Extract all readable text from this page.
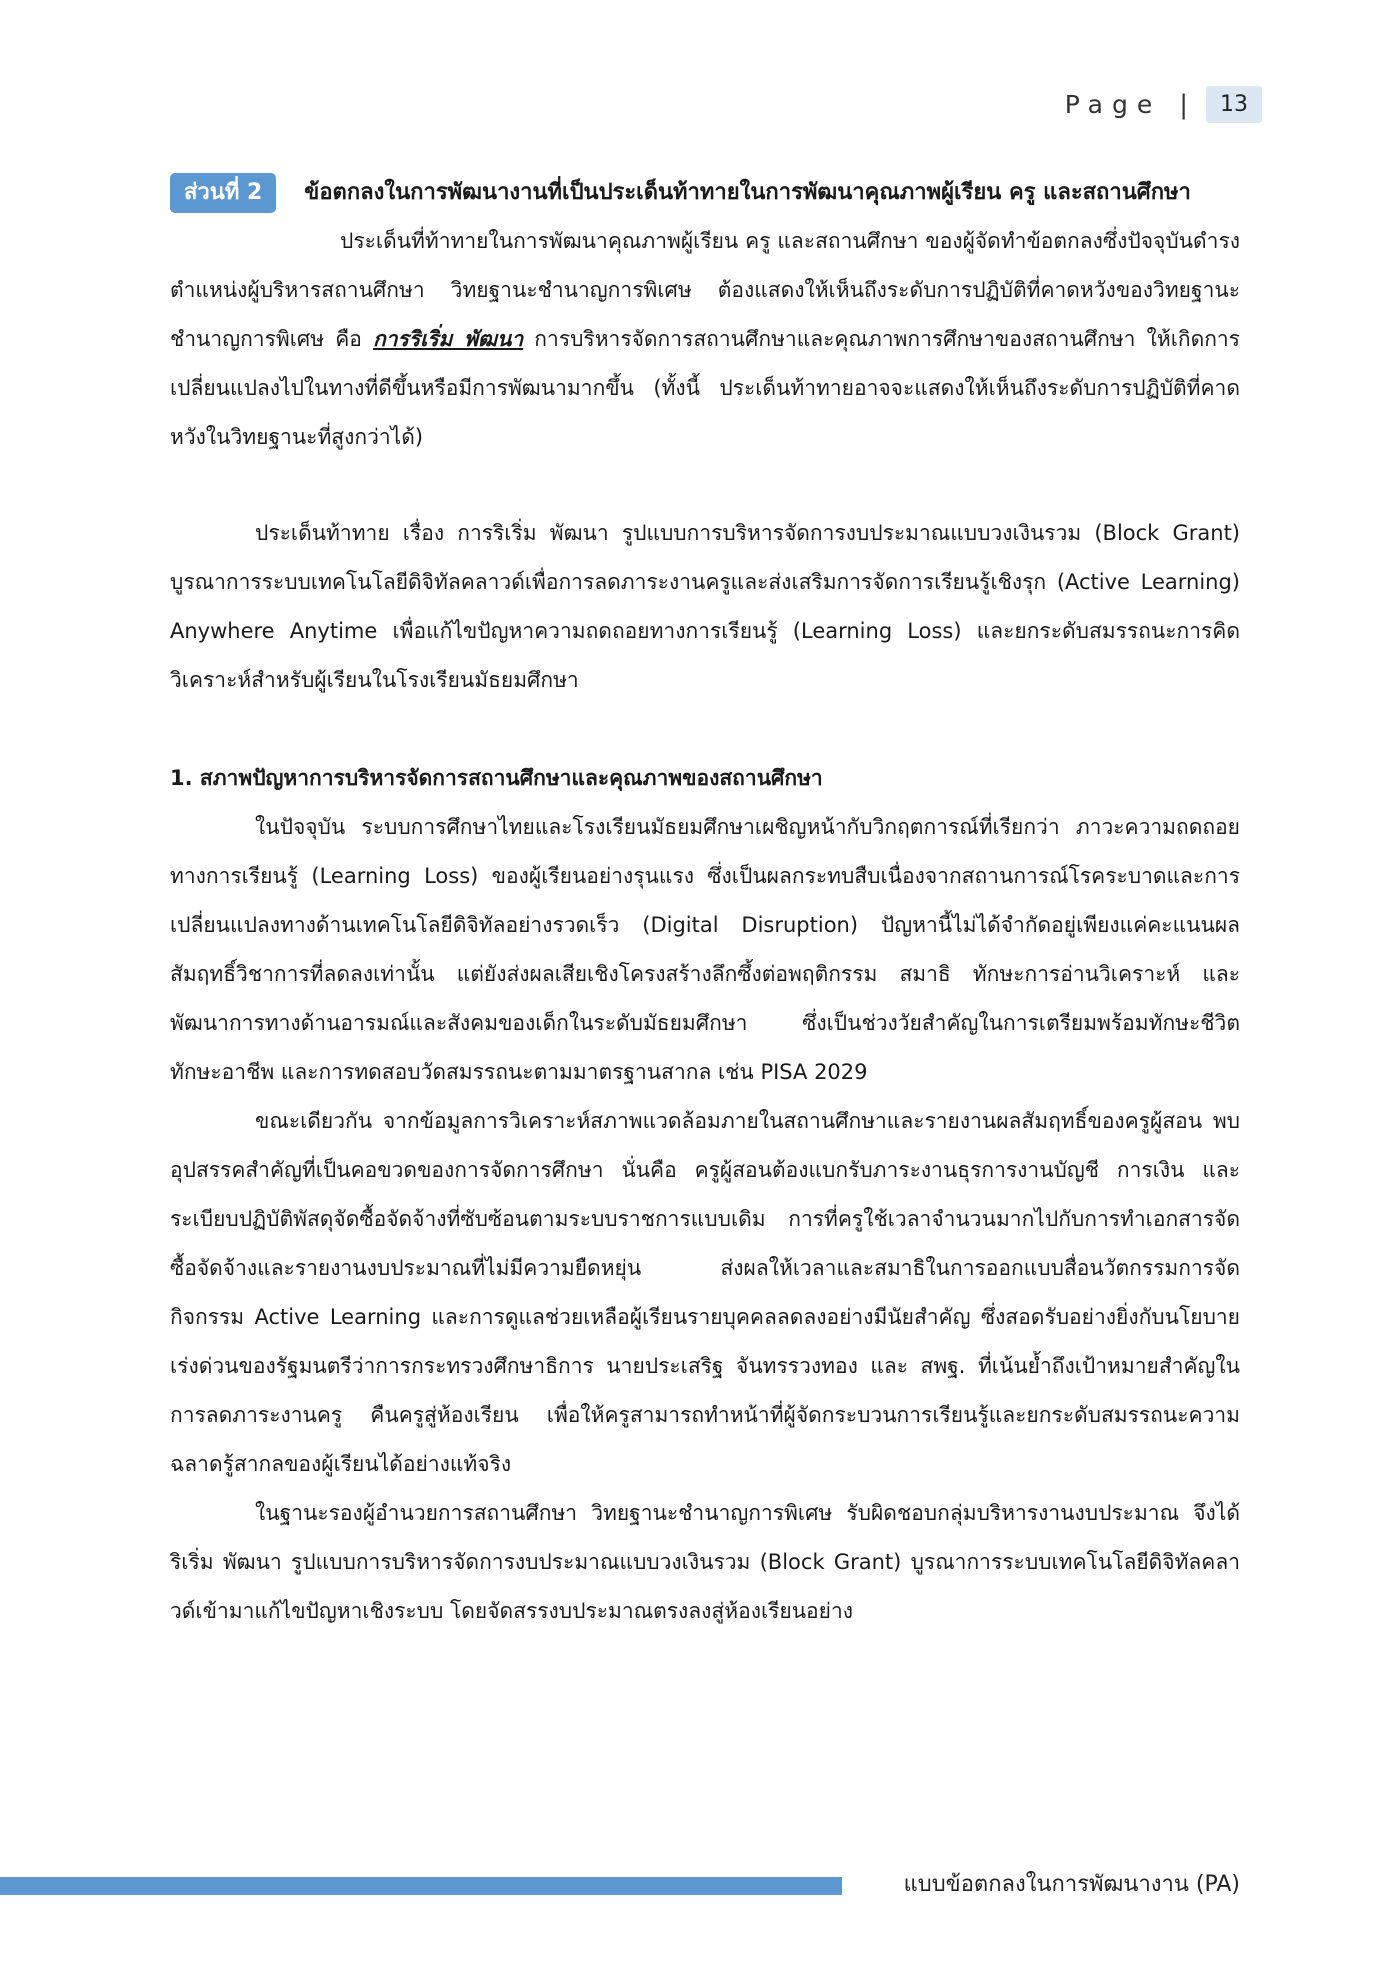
Page |	13
ส่วนที่ 2 ข้อตกลงในการพัฒนางานที่เป็นประเด็นท้าทายในการพัฒนาคุณภาพผู้เรียน ครู และสถานศึกษา

ประเด็นที่ท้าทายในการพัฒนาคุณภาพผู้เรียน ครู และสถานศึกษา ของผู้จัดทำข้อตกลงซึ่งปัจจุบันดำรงตำแหน่งผู้บริหารสถานศึกษา วิทยฐานะชำนาญการพิเศษ ต้องแสดงให้เห็นถึงระดับการปฏิบัติที่คาดหวังของวิทยฐานะชำนาญการพิเศษ คือ การริเริ่ม พัฒนา การบริหารจัดการสถานศึกษาและคุณภาพการศึกษาของสถานศึกษา ให้เกิดการเปลี่ยนแปลงไปในทางที่ดีขึ้นหรือมีการพัฒนามากขึ้น (ทั้งนี้ ประเด็นท้าทายอาจจะแสดงให้เห็นถึงระดับการปฏิบัติที่คาดหวังในวิทยฐานะที่สูงกว่าได้)

ประเด็นท้าทาย เรื่อง การริเริ่ม พัฒนา รูปแบบการบริหารจัดการงบประมาณแบบวงเงินรวม (Block Grant) บูรณาการระบบเทคโนโลยีดิจิทัลคลาวด์เพื่อการลดภาระงานครูและส่งเสริมการจัดการเรียนรู้เชิงรุก (Active Learning) Anywhere Anytime เพื่อแก้ไขปัญหาความถดถอยทางการเรียนรู้ (Learning Loss) และยกระดับสมรรถนะการคิดวิเคราะห์สำหรับผู้เรียนในโรงเรียนมัธยมศึกษา

1. สภาพปัญหาการบริหารจัดการสถานศึกษาและคุณภาพของสถานศึกษา

ในปัจจุบัน ระบบการศึกษาไทยและโรงเรียนมัธยมศึกษาเผชิญหน้ากับวิกฤตการณ์ที่เรียกว่า ภาวะความถดถอยทางการเรียนรู้ (Learning Loss) ของผู้เรียนอย่างรุนแรง ซึ่งเป็นผลกระทบสืบเนื่องจากสถานการณ์โรคระบาดและการเปลี่ยนแปลงทางด้านเทคโนโลยีดิจิทัลอย่างรวดเร็ว (Digital Disruption) ปัญหานี้ไม่ได้จำกัดอยู่เพียงแค่คะแนนผลสัมฤทธิ์วิชาการที่ลดลงเท่านั้น แต่ยังส่งผลเสียเชิงโครงสร้างลึกซึ้งต่อพฤติกรรม สมาธิ ทักษะการอ่านวิเคราะห์ และพัฒนาการทางด้านอารมณ์และสังคมของเด็กในระดับมัธยมศึกษา ซึ่งเป็นช่วงวัยสำคัญในการเตรียมพร้อมทักษะชีวิต ทักษะอาชีพ และการทดสอบวัดสมรรถนะตามมาตรฐานสากล เช่น PISA 2029

ขณะเดียวกัน จากข้อมูลการวิเคราะห์สภาพแวดล้อมภายในสถานศึกษาและรายงานผลสัมฤทธิ์ของครูผู้สอน พบอุปสรรคสำคัญที่เป็นคอขวดของการจัดการศึกษา นั่นคือ ครูผู้สอนต้องแบกรับภาระงานธุรการงานบัญชี การเงิน และระเบียบปฏิบัติพัสดุจัดซื้อจัดจ้างที่ซับซ้อนตามระบบราชการแบบเดิม การที่ครูใช้เวลาจำนวนมากไปกับการทำเอกสารจัดซื้อจัดจ้างและรายงานงบประมาณที่ไม่มีความยืดหยุ่น ส่งผลให้เวลาและสมาธิในการออกแบบสื่อนวัตกรรมการจัดกิจกรรม Active Learning และการดูแลช่วยเหลือผู้เรียนรายบุคคลลดลงอย่างมีนัยสำคัญ ซึ่งสอดรับอย่างยิ่งกับนโยบายเร่งด่วนของรัฐมนตรีว่าการกระทรวงศึกษาธิการ นายประเสริฐ จันทรรวงทอง และ สพฐ. ที่เน้นย้ำถึงเป้าหมายสำคัญในการลดภาระงานครู คืนครูสู่ห้องเรียน เพื่อให้ครูสามารถทำหน้าที่ผู้จัดกระบวนการเรียนรู้และยกระดับสมรรถนะความฉลาดรู้สากลของผู้เรียนได้อย่างแท้จริง

ในฐานะรองผู้อำนวยการสถานศึกษา วิทยฐานะชำนาญการพิเศษ รับผิดชอบกลุ่มบริหารงานงบประมาณ จึงได้ริเริ่ม พัฒนา รูปแบบการบริหารจัดการงบประมาณแบบวงเงินรวม (Block Grant) บูรณาการระบบเทคโนโลยีดิจิทัลคลาวด์เข้ามาแก้ไขปัญหาเชิงระบบ โดยจัดสรรงบประมาณตรงลงสู่ห้องเรียนอย่าง

แบบข้อตกลงในการพัฒนางาน (PA)
